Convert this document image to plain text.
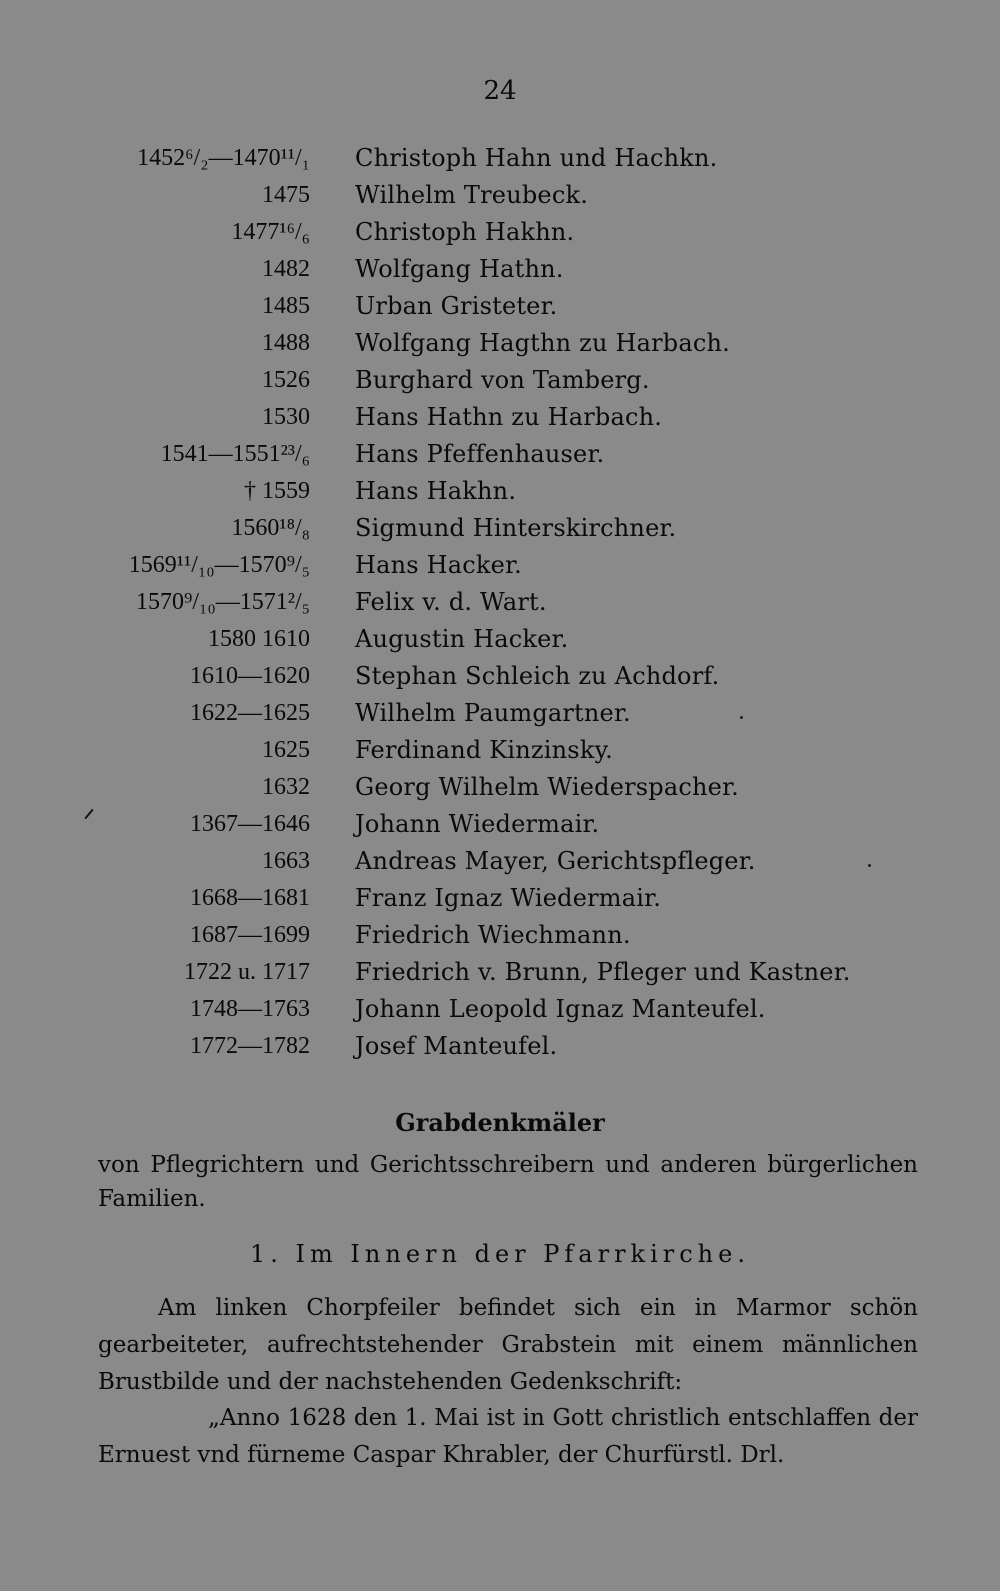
24
1452⁶/₂—1470¹¹/₁ Christoph Hahn und Hachkn.
1475 Wilhelm Treubeck.
1477¹⁶/₆ Christoph Hakhn.
1482 Wolfgang Hathn.
1485 Urban Gristeter.
1488 Wolfgang Hagthn zu Harbach.
1526 Burghard von Tamberg.
1530 Hans Hathn zu Harbach.
1541—1551²³/₆ Hans Pfeffenhauser.
† 1559 Hans Hakhn.
1560¹⁸/₈ Sigmund Hinterskirchner.
1569¹¹/₁₀—1570⁹/₅ Hans Hacker.
1570⁹/₁₀—1571²/₅ Felix v. d. Wart.
1580 1610 Augustin Hacker.
1610—1620 Stephan Schleich zu Achdorf.
1622—1625 Wilhelm Paumgartner.
1625 Ferdinand Kinzinsky.
1632 Georg Wilhelm Wiederspacher.
1367—1646 Johann Wiedermair.
1663 Andreas Mayer, Gerichtspfleger.
1668—1681 Franz Ignaz Wiedermair.
1687—1699 Friedrich Wiechmann.
1722 u. 1717 Friedrich v. Brunn, Pfleger und Kastner.
1748—1763 Johann Leopold Ignaz Manteufel.
1772—1782 Josef Manteufel.
Grabdenkmäler
von Pflegrichtern und Gerichtsschreibern und anderen bürgerlichen Familien.
1. Im Innern der Pfarrkirche.
Am linken Chorpfeiler befindet sich ein in Marmor schön gearbeiteter, aufrechtstehender Grabstein mit einem männlichen Brustbilde und der nachstehenden Gedenkschrift:
„Anno 1628 den 1. Mai ist in Gott christlich entschlaffen der Ernuest vnd fürneme Caspar Khrabler, der Churfürstl. Drl.
